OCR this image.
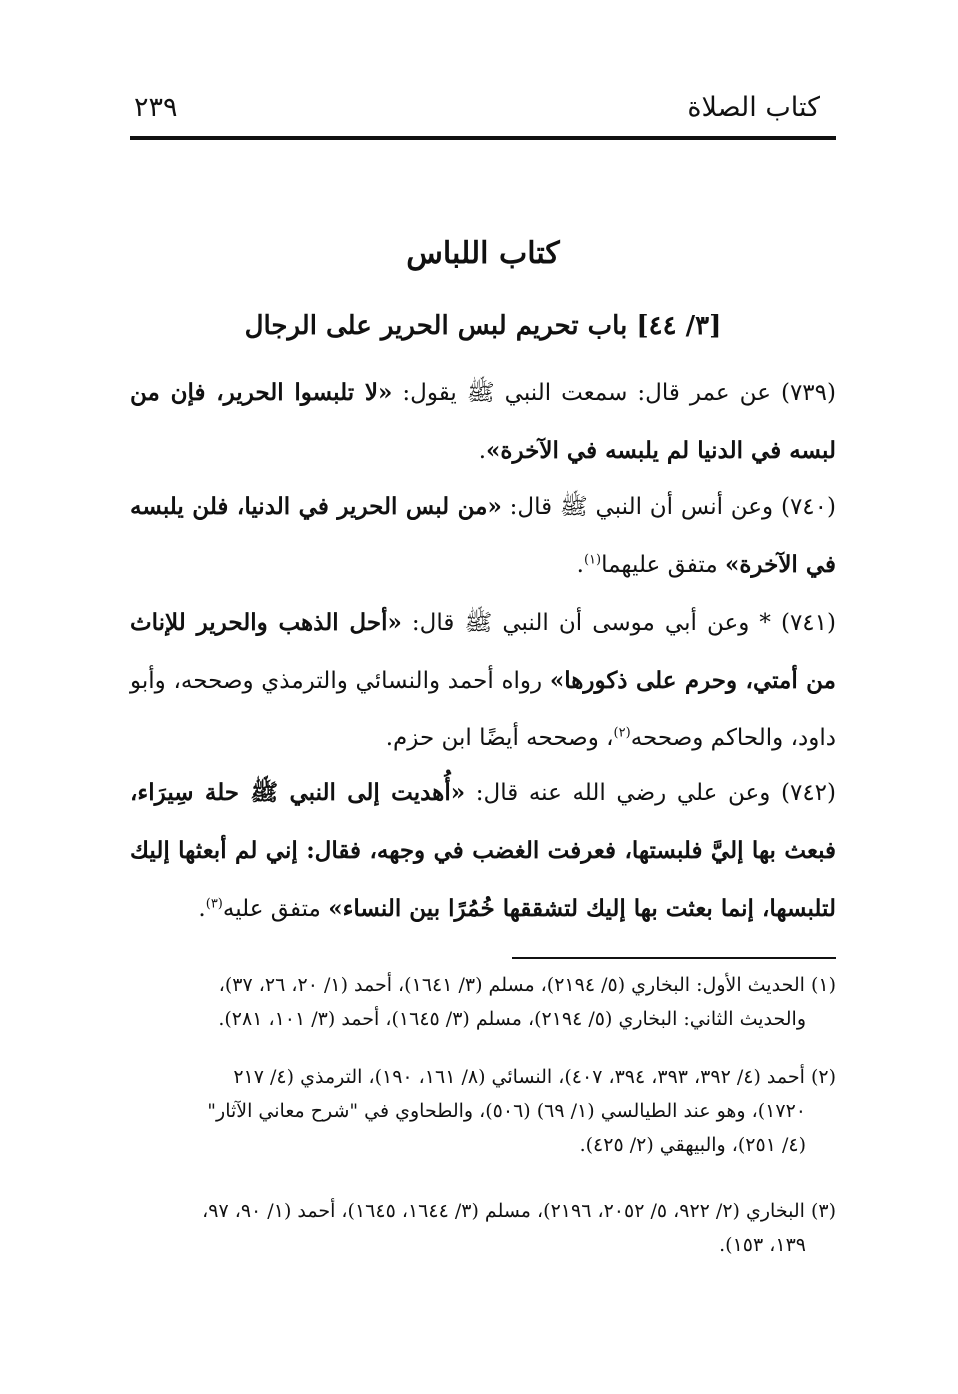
كتاب الصلاة
٢٣٩
كتاب اللباس
[٣/ ٤٤] باب تحريم لبس الحرير على الرجال

(٧٣٩) عن عمر قال: سمعت النبي ﷺ يقول: «لا تلبسوا الحرير، فإن من لبسه في الدنيا لم يلبسه في الآخرة».

(٧٤٠) وعن أنس أن النبي ﷺ قال: «من لبس الحرير في الدنيا، فلن يلبسه في الآخرة» متفق عليهما$^{(١)}$.

(٧٤١) * وعن أبي موسى أن النبي ﷺ قال: «أحل الذهب والحرير للإناث من أمتي، وحرم على ذكورها» رواه أحمد والنسائي والترمذي وصححه، وأبو داود، والحاكم وصححه$^{(٢)}$، وصححه أيضًا ابن حزم.

(٧٤٢) وعن علي رضي الله عنه قال: «أُهديت إلى النبي ﷺ حلة سِيرَاء، فبعث بها إليَّ فلبستها، فعرفت الغضب في وجهه، فقال: إني لم أبعثها إليك لتلبسها، إنما بعثت بها إليك لتشققها خُمُرًا بين النساء» متفق عليه$^{(٣)}$.

(١) الحديث الأول: البخاري (٥/ ٢١٩٤)، مسلم (٣/ ١٦٤١)، أحمد (١/ ٢٠، ٢٦، ٣٧)،
والحديث الثاني: البخاري (٥/ ٢١٩٤)، مسلم (٣/ ١٦٤٥)، أحمد (٣/ ١٠١، ٢٨١).
(٢) أحمد (٤/ ٣٩٢، ٣٩٣، ٣٩٤، ٤٠٧)، النسائي (٨/ ١٦١، ١٩٠)، الترمذي (٤/ ٢١٧
١٧٢٠)، وهو عند الطيالسي (١/ ٦٩) (٥٠٦)، والطحاوي في "شرح معاني الآثار"
(٤/ ٢٥١)، والبيهقي (٢/ ٤٢٥).
(٣) البخاري (٢/ ٩٢٢، ٥/ ٢٠٥٢، ٢١٩٦)، مسلم (٣/ ١٦٤٤، ١٦٤٥)، أحمد (١/ ٩٠، ٩٧،
١٣٩، ١٥٣).
